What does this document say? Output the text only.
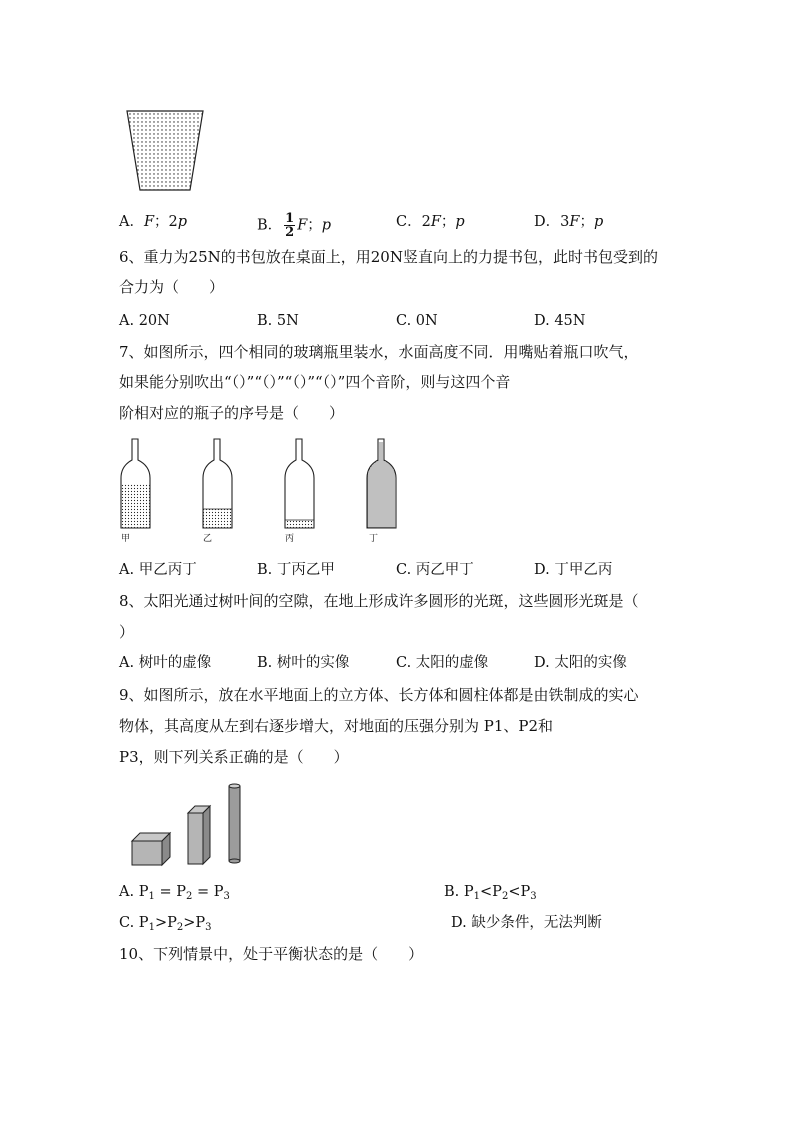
A．F；2p	B． $\frac{1}{2}$ F；p	C．2F；p	D．3F；p
6、重力为25N的书包放在桌面上，用20N竖直向上的力提书包，此时书包受到的
合力为（　　）
A. 20N	B. 5N	C. 0N	D. 45N
7、如图所示，四个相同的玻璃瓶里装水，水面高度不同．用嘴贴着瓶口吹气，
如果能分别吹出“（）”“（）”“（）”“（）”四个音阶，则与这四个音
阶相对应的瓶子的序号是（　　）
甲	乙	丙	丁
A. 甲乙丙丁	B. 丁丙乙甲	C. 丙乙甲丁	D. 丁甲乙丙
8、太阳光通过树叶间的空隙，在地上形成许多圆形的光斑，这些圆形光斑是（
）
A. 树叶的虚像	B. 树叶的实像	C. 太阳的虚像	D. 太阳的实像
9、如图所示，放在水平地面上的立方体、长方体和圆柱体都是由铁制成的实心
物体，其高度从左到右逐步增大，对地面的压强分别为 P1、P2和
P3，则下列关系正确的是（　　）
A. $P_1 = P_2 = P_3$	B. $P_1<P_2<P_3$
C. $P_1>P_2>P_3$	D. 缺少条件，无法判断
10、下列情景中，处于平衡状态的是（　　）
